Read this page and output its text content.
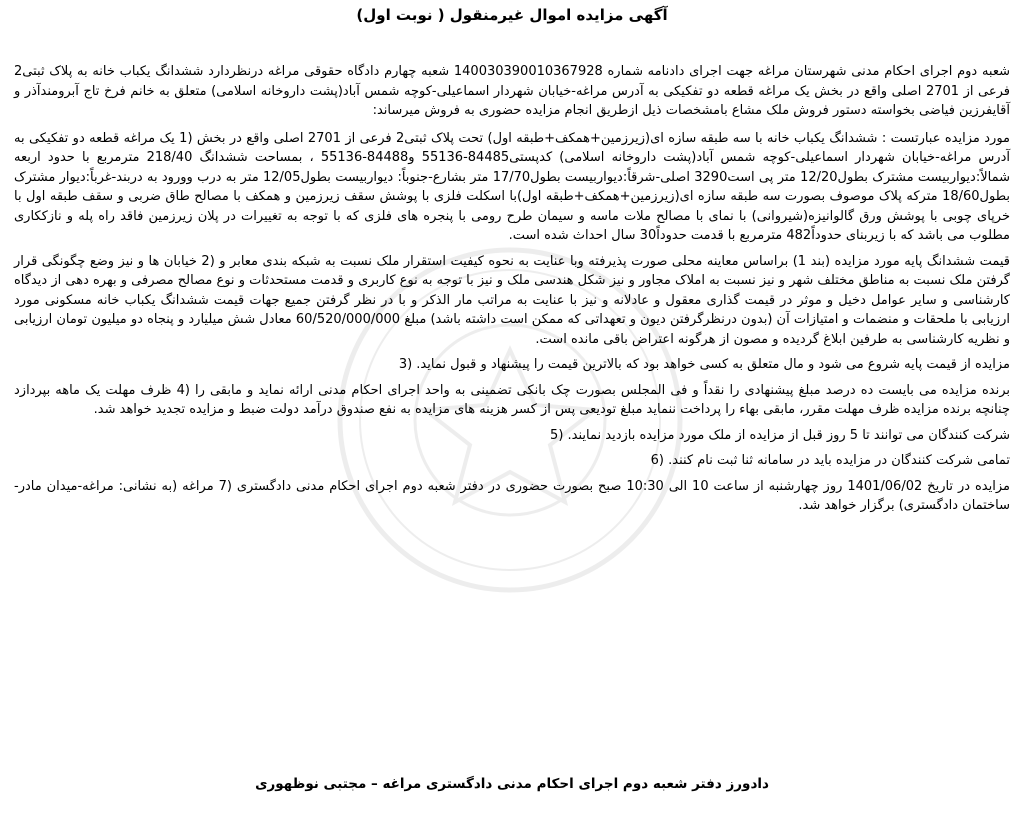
آگهی مزایده اموال غیرمنقول ( نوبت اول)

شعبه دوم اجرای احکام مدنی شهرستان مراغه جهت اجرای دادنامه شماره 140030390010367928 شعبه چهارم دادگاه حقوقی مراغه درنظردارد ششدانگ یکباب خانه به پلاک ثبتی2 فرعی از 2701 اصلی واقع در بخش یک مراغه قطعه دو تفکیکی به آدرس مراغه-خیابان شهردار اسماعیلی-کوچه شمس آباد(پشت داروخانه اسلامی) متعلق به خانم فرخ تاج آبرومندآذر و آقایفرزین فیاضی بخواسته دستور فروش ملک مشاع بامشخصات ذیل ازطریق انجام مزایده حضوری به فروش میرساند:

مورد مزایده عبارتست : ششدانگ یکباب خانه با سه طبقه سازه ای(زیرزمین+همکف+طبقه اول) تحت پلاک ثبتی2 فرعی از 2701 اصلی واقع در بخش (1 یک مراغه قطعه دو تفکیکی به آدرس مراغه-خیابان شهردار اسماعیلی-کوچه شمس آباد(پشت داروخانه اسلامی) کدپستی84485-55136 و84488-55136 ، بمساحت ششدانگ 218/40 مترمربع با حدود اربعه شمالاً:دیواربیست مشترک بطول12/20 متر پی است3290 اصلی-شرقاً:دیواربیست بطول17/70 متر بشارع-جنوباً: دیواربیست بطول12/05 متر به درب وورود به دربند-غرباً:دیوار مشترک بطول18/60 مترکه پلاک موصوف بصورت سه طبقه سازه ای(زیرزمین+همکف+طبقه اول)با اسکلت فلزی با پوشش سقف زیرزمین و همکف با مصالح طاق ضربی و سقف طبقه اول با خرپای چوبی با پوشش ورق گالوانیزه(شیروانی) با نمای با مصالح ملات ماسه و سیمان طرح رومی با پنجره های فلزی که با توجه به تغییرات در پلان زیرزمین فاقد راه پله و نازککاری مطلوب می باشد که با زیربنای حدوداً482 مترمربع با قدمت حدوداً30 سال احداث شده است.

قیمت ششدانگ پایه مورد مزایده (بند 1) براساس معاینه محلی صورت پذیرفته وبا عنایت به نحوه کیفیت استقرار ملک نسبت به شبکه بندی معابر و (2 خیابان ها و نیز وضع چگونگی قرار گرفتن ملک نسبت به مناطق مختلف شهر و نیز نسبت به املاک مجاور و نیز شکل هندسی ملک و نیز با توجه به نوع کاربری و قدمت مستحدثات و نوع مصالح مصرفی و بهره دهی از دیدگاه کارشناسی و سایر عوامل دخیل و موثر در قیمت گذاری معقول و عادلانه و نیز با عنایت به مراتب مار الذکر و با در نظر گرفتن جمیع جهات قیمت ششدانگ یکباب خانه مسکونی مورد ارزیابی با ملحقات و منضمات و امتیازات آن (بدون درنظرگرفتن دیون و تعهداتی که ممکن است داشته باشد) مبلغ 60/520/000/000 معادل شش میلیارد و پنجاه دو میلیون تومان ارزیابی و نظریه کارشناسی به طرفین ابلاغ گردیده و مصون از هرگونه اعتراض باقی مانده است.

مزایده از قیمت پایه شروع می شود و مال متعلق به کسی خواهد بود که بالاترین قیمت را پیشنهاد و قبول نماید. (3

برنده مزایده می بایست ده درصد مبلغ پیشنهادی را نقداً و فی المجلس بصورت چک بانکی تضمینی به واحد اجرای احکام مدنی ارائه نماید و مابقی را (4 ظرف مهلت یک ماهه بپردازد چنانچه برنده مزایده ظرف مهلت مقرر، مابقی بهاء را پرداخت ننماید مبلغ تودیعی پس از کسر هزینه های مزایده به نفع صندوق درآمد دولت ضبط و مزایده تجدید خواهد شد.

شرکت کنندگان می توانند تا 5 روز قبل از مزایده از ملک مورد مزایده بازدید نمایند. (5

تمامی شرکت کنندگان در مزایده باید در سامانه ثنا ثبت نام کنند. (6

مزایده در تاریخ 1401/06/02 روز چهارشنبه از ساعت 10 الی 10:30 صبح بصورت حضوری در دفتر شعبه دوم اجرای احکام مدنی دادگستری (7 مراغه (به نشانی: مراغه-میدان مادر-ساختمان دادگستری) برگزار خواهد شد.

دادورز دفتر شعبه دوم اجرای احکام مدنی دادگستری مراغه – مجتبی نوظهوری
